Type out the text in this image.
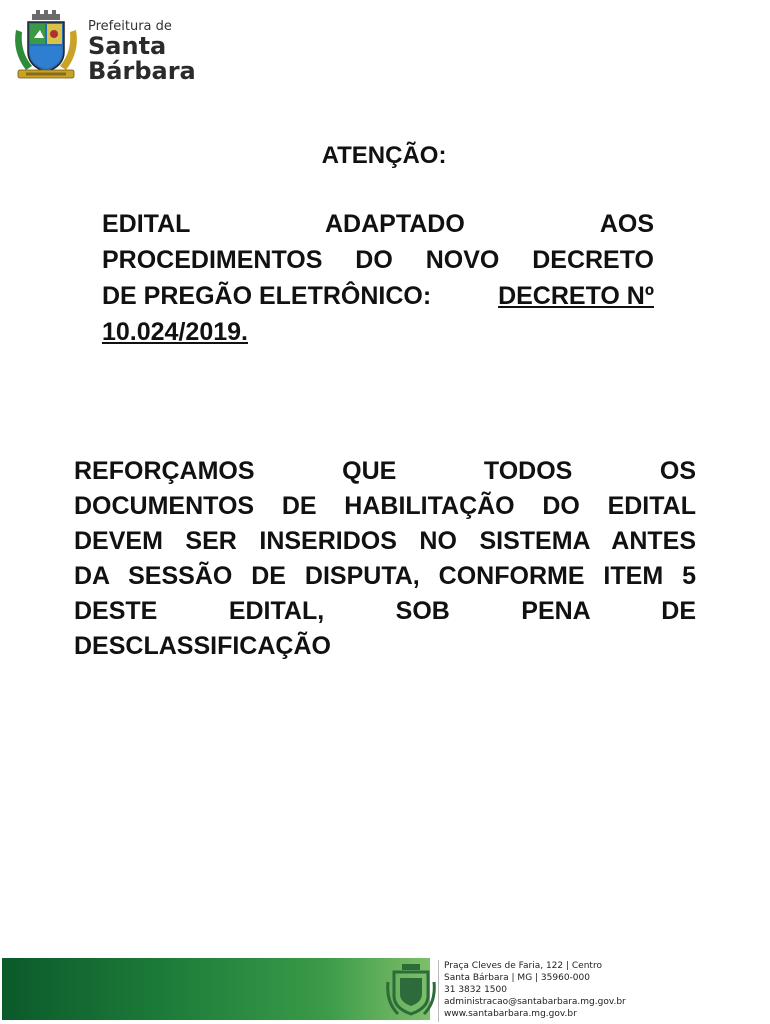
Prefeitura de
Santa
Bárbara
ATENÇÃO:
EDITAL	ADAPTADO	AOS
PROCEDIMENTOS DO NOVO DECRETO
DE PREGÃO ELETRÔNICO: DECRETO Nº
10.024/2019.
REFORÇAMOS	QUE	TODOS	OS
DOCUMENTOS DE HABILITAÇÃO DO EDITAL
DEVEM SER INSERIDOS NO SISTEMA ANTES
DA SESSÃO DE DISPUTA, CONFORME ITEM 5
DESTE	EDITAL,	SOB	PENA	DE
DESCLASSIFICAÇÃO
Praça Cleves de Faria, 122 | Centro
Santa Bárbara | MG | 35960-000
31 3832 1500
administracao@santabarbara.mg.gov.br
www.santabarbara.mg.gov.br
